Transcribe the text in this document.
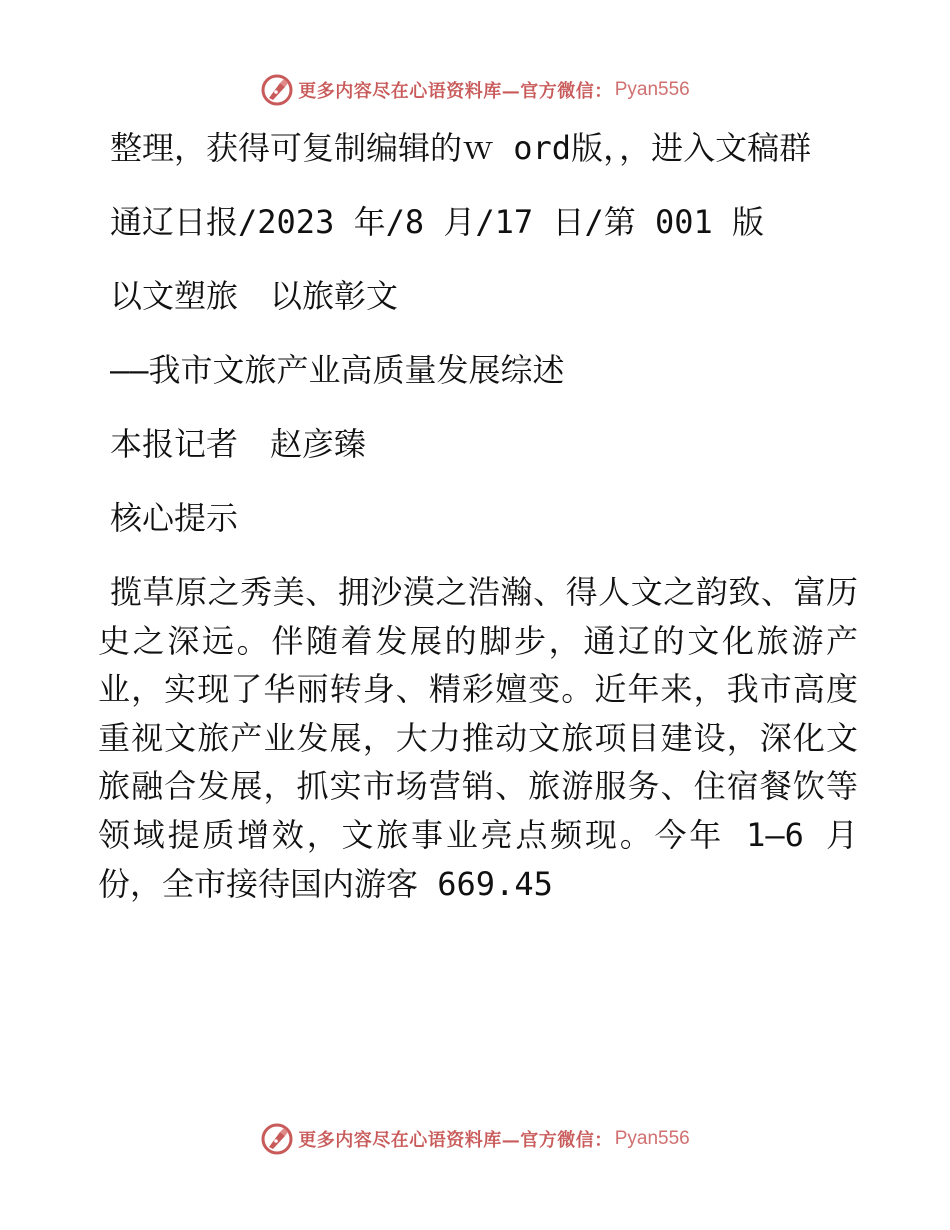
更多内容尽在心语资料库—官方微信： Pyan556

整理，获得可复制编辑的ｗ ord版，，进入文稿群

通辽日报/2023 年/8 月/17 日/第 001 版

以文塑旅　以旅彰文

——我市文旅产业高质量发展综述

本报记者　赵彦臻

核心提示

揽草原之秀美、拥沙漠之浩瀚、得人文之韵致、富历史之深远。伴随着发展的脚步，通辽的文化旅游产业，实现了华丽转身、精彩嬗变。近年来，我市高度重视文旅产业发展，大力推动文旅项目建设，深化文旅融合发展，抓实市场营销、旅游服务、住宿餐饮等领域提质增效，文旅事业亮点频现。今年 1—6 月份，全市接待国内游客 669.45

更多内容尽在心语资料库—官方微信： Pyan556
